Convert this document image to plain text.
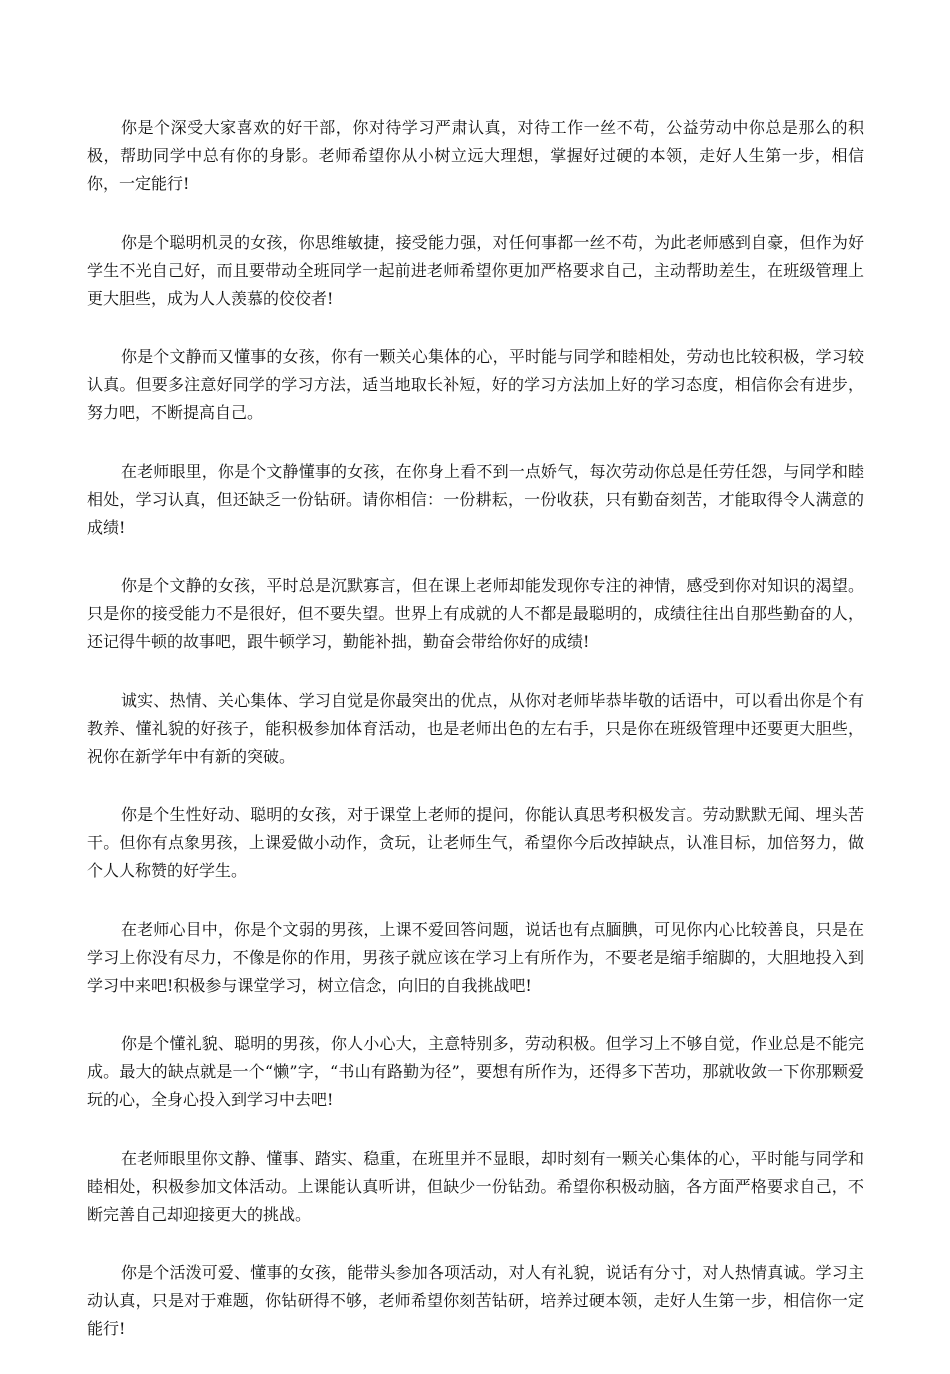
你是个深受大家喜欢的好干部，你对待学习严肃认真，对待工作一丝不苟，公益劳动中你总是那么的积极，帮助同学中总有你的身影。老师希望你从小树立远大理想，掌握好过硬的本领，走好人生第一步，相信你，一定能行!

你是个聪明机灵的女孩，你思维敏捷，接受能力强，对任何事都一丝不苟，为此老师感到自豪，但作为好学生不光自己好，而且要带动全班同学一起前进老师希望你更加严格要求自己，主动帮助差生，在班级管理上更大胆些，成为人人羡慕的佼佼者!

你是个文静而又懂事的女孩，你有一颗关心集体的心，平时能与同学和睦相处，劳动也比较积极，学习较认真。但要多注意好同学的学习方法，适当地取长补短，好的学习方法加上好的学习态度，相信你会有进步，努力吧，不断提高自己。

在老师眼里，你是个文静懂事的女孩，在你身上看不到一点娇气，每次劳动你总是任劳任怨，与同学和睦相处，学习认真，但还缺乏一份钻研。请你相信：一份耕耘，一份收获，只有勤奋刻苦，才能取得令人满意的成绩!

你是个文静的女孩，平时总是沉默寡言，但在课上老师却能发现你专注的神情，感受到你对知识的渴望。只是你的接受能力不是很好，但不要失望。世界上有成就的人不都是最聪明的，成绩往往出自那些勤奋的人，还记得牛顿的故事吧，跟牛顿学习，勤能补拙，勤奋会带给你好的成绩!

诚实、热情、关心集体、学习自觉是你最突出的优点，从你对老师毕恭毕敬的话语中，可以看出你是个有教养、懂礼貌的好孩子，能积极参加体育活动，也是老师出色的左右手，只是你在班级管理中还要更大胆些，祝你在新学年中有新的突破。

你是个生性好动、聪明的女孩，对于课堂上老师的提问，你能认真思考积极发言。劳动默默无闻、埋头苦干。但你有点象男孩，上课爱做小动作，贪玩，让老师生气，希望你今后改掉缺点，认准目标，加倍努力，做个人人称赞的好学生。

在老师心目中，你是个文弱的男孩，上课不爱回答问题，说话也有点腼腆，可见你内心比较善良，只是在学习上你没有尽力，不像是你的作用，男孩子就应该在学习上有所作为，不要老是缩手缩脚的，大胆地投入到学习中来吧!积极参与课堂学习，树立信念，向旧的自我挑战吧!

你是个懂礼貌、聪明的男孩，你人小心大，主意特别多，劳动积极。但学习上不够自觉，作业总是不能完成。最大的缺点就是一个“懒”字，“书山有路勤为径”，要想有所作为，还得多下苦功，那就收敛一下你那颗爱玩的心，全身心投入到学习中去吧!

在老师眼里你文静、懂事、踏实、稳重，在班里并不显眼，却时刻有一颗关心集体的心，平时能与同学和睦相处，积极参加文体活动。上课能认真听讲，但缺少一份钻劲。希望你积极动脑，各方面严格要求自己，不断完善自己却迎接更大的挑战。

你是个活泼可爱、懂事的女孩，能带头参加各项活动，对人有礼貌，说话有分寸，对人热情真诚。学习主动认真，只是对于难题，你钻研得不够，老师希望你刻苦钻研，培养过硬本领，走好人生第一步，相信你一定能行!
